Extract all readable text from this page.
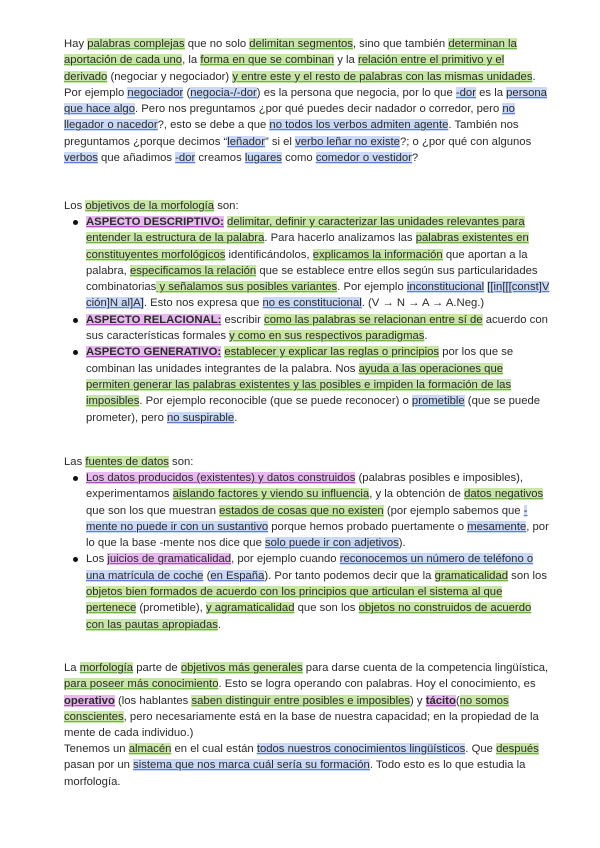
Hay palabras complejas que no solo delimitan segmentos, sino que también determinan la aportación de cada uno, la forma en que se combinan y la relación entre el primitivo y el derivado (negociar y negociador) y entre este y el resto de palabras con las mismas unidades. Por ejemplo negociador (negocia-/-dor) es la persona que negocia, por lo que -dor es la persona que hace algo. Pero nos preguntamos ¿por qué puedes decir nadador o corredor, pero no llegador o nacedor?, esto se debe a que no todos los verbos admiten agente. También nos preguntamos ¿porque decimos “leñador” si el verbo leñar no existe?; o ¿por qué con algunos verbos que añadimos -dor creamos lugares como comedor o vestidor?

Los objetivos de la morfología son:

ASPECTO DESCRIPTIVO: delimitar, definir y caracterizar las unidades relevantes para entender la estructura de la palabra. Para hacerlo analizamos las palabras existentes en constituyentes morfológicos identificándolos, explicamos la información que aportan a la palabra, especificamos la relación que se establece entre ellos según sus particularidades combinatorias y señalamos sus posibles variantes. Por ejemplo inconstitucional [[in[[[const]V ción]N al]A]. Esto nos expresa que no es constitucional. (V → N → A → A.Neg.)
ASPECTO RELACIONAL: escribir como las palabras se relacionan entre sí de acuerdo con sus características formales y como en sus respectivos paradigmas.
ASPECTO GENERATIVO: establecer y explicar las reglas o principios por los que se combinan las unidades integrantes de la palabra. Nos ayuda a las operaciones que permiten generar las palabras existentes y las posibles e impiden la formación de las imposibles. Por ejemplo reconocible (que se puede reconocer) o prometible (que se puede prometer), pero no suspirable.

Las fuentes de datos son:

Los datos producidos (existentes) y datos construidos (palabras posibles e imposibles), experimentamos aislando factores y viendo su influencia, y la obtención de datos negativos que son los que muestran estados de cosas que no existen (por ejemplo sabemos que -mente no puede ir con un sustantivo porque hemos probado puertamente o mesamente, por lo que la base -mente nos dice que solo puede ir con adjetivos).
Los juicios de gramaticalidad, por ejemplo cuando reconocemos un número de teléfono o una matrícula de coche (en España). Por tanto podemos decir que la gramaticalidad son los objetos bien formados de acuerdo con los principios que articulan el sistema al que pertenece (prometible), y agramaticalidad que son los objetos no construidos de acuerdo con las pautas apropiadas.

La morfología parte de objetivos más generales para darse cuenta de la competencia lingüística, para poseer más conocimiento. Esto se logra operando con palabras. Hoy el conocimiento, es operativo (los hablantes saben distinguir entre posibles e imposibles) y tácito(no somos conscientes, pero necesariamente está en la base de nuestra capacidad; en la propiedad de la mente de cada individuo.)

Tenemos un almacén en el cual están todos nuestros conocimientos lingüísticos. Que después pasan por un sistema que nos marca cuál sería su formación. Todo esto es lo que estudia la morfología.
